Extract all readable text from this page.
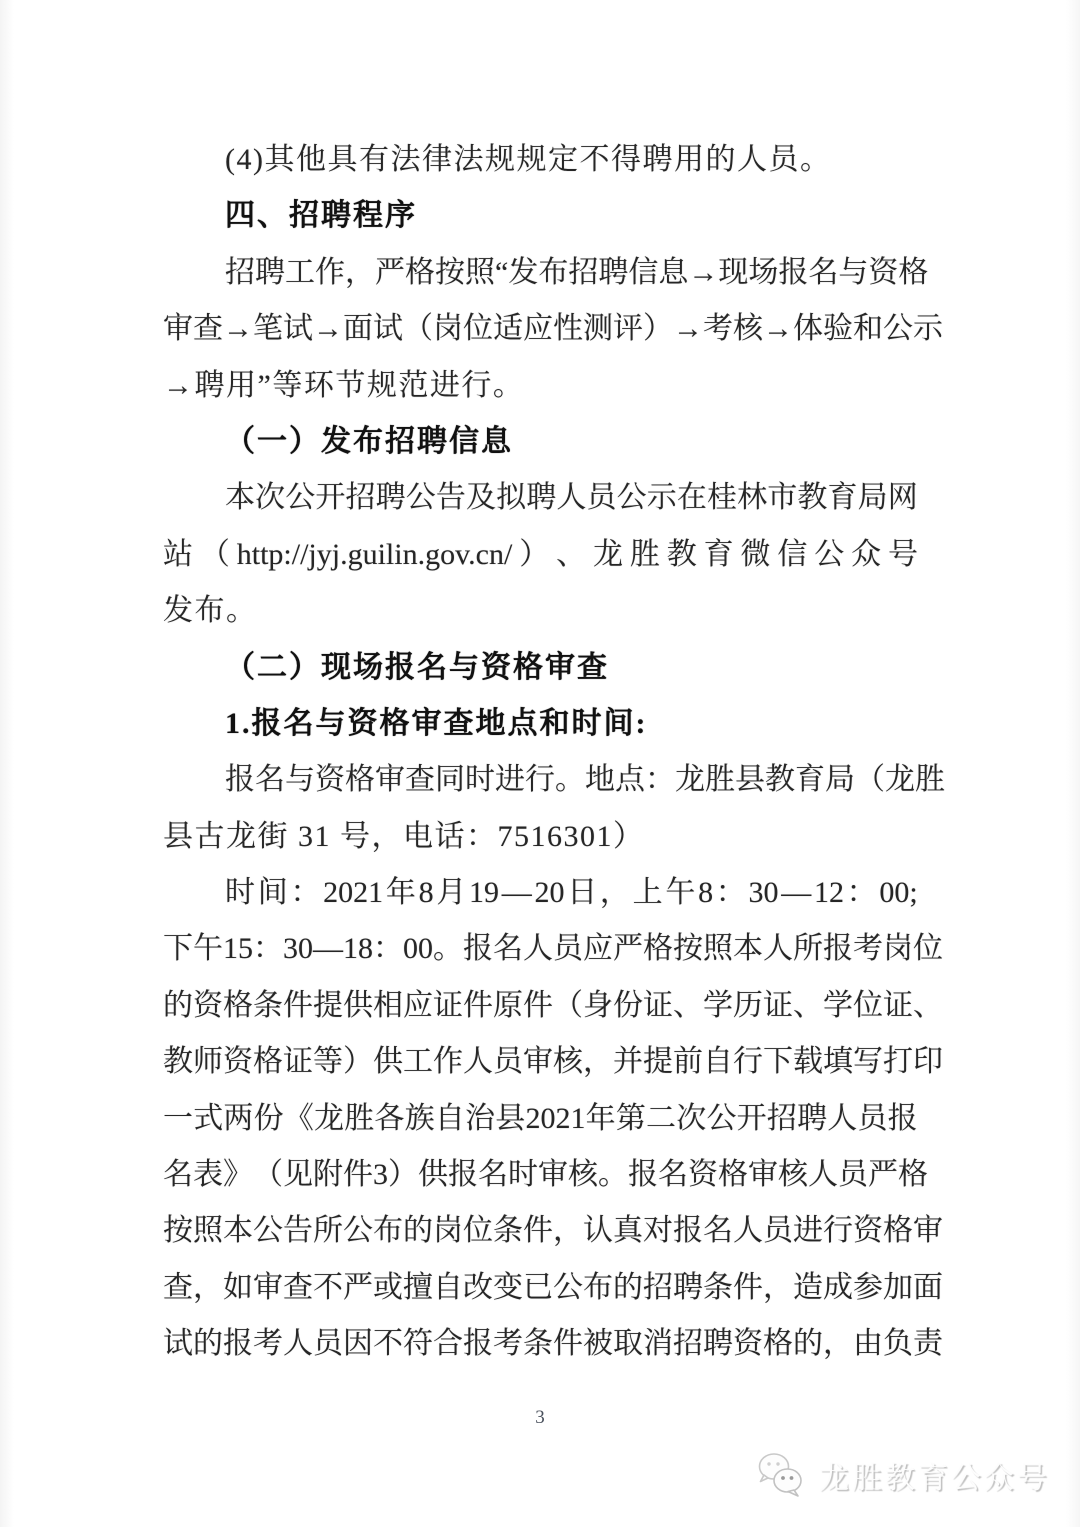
(4)其他具有法律法规规定不得聘用的人员。
四、招聘程序
招 聘 工 作 ， 严 格 按 照 “ 发 布 招 聘 信 息 → 现 场 报 名 与 资 格
审 查 → 笔 试 → 面 试 （ 岗 位 适 应 性 测 评 ） → 考 核 → 体 验 和 公 示
→聘用”等环节规范进行。
（一）发布招聘信息
本 次 公 开 招 聘 公 告 及 拟 聘 人 员 公 示 在 桂 林 市 教 育 局 网
站 （ http://jyj.guilin.gov.cn/ ） 、 龙 胜 教 育 微 信 公 众 号
发布。
（二）现场报名与资格审查
1.报名与资格审查地点和时间:
报 名 与 资 格 审 查 同 时 进 行 。 地 点 ： 龙 胜 县 教 育 局 （ 龙 胜
县古龙街 31 号，电话：7516301）
时 间 ： 2021 年 8 月 19 — 20 日 ， 上 午 8 ： 30 — 12 ： 00;
下 午 15 ： 30 — 18 ： 00 。 报 名 人 员 应 严 格 按 照 本 人 所 报 考 岗 位
的 资 格 条 件 提 供 相 应 证 件 原 件 （ 身 份 证 、 学 历 证 、 学 位 证 、
教 师 资 格 证 等 ） 供 工 作 人 员 审 核 ， 并 提 前 自 行 下 载 填 写 打 印
一 式 两 份 《 龙 胜 各 族 自 治 县 2021 年 第 二 次 公 开 招 聘 人 员 报
名 表 》 （ 见 附 件 3 ） 供 报 名 时 审 核 。 报 名 资 格 审 核 人 员 严 格
按 照 本 公 告 所 公 布 的 岗 位 条 件 ， 认 真 对 报 名 人 员 进 行 资 格 审
查 ， 如 审 查 不 严 或 擅 自 改 变 已 公 布 的 招 聘 条 件 ， 造 成 参 加 面
试 的 报 考 人 员 因 不 符 合 报 考 条 件 被 取 消 招 聘 资 格 的 ， 由 负 责
3
龙胜教育公众号
